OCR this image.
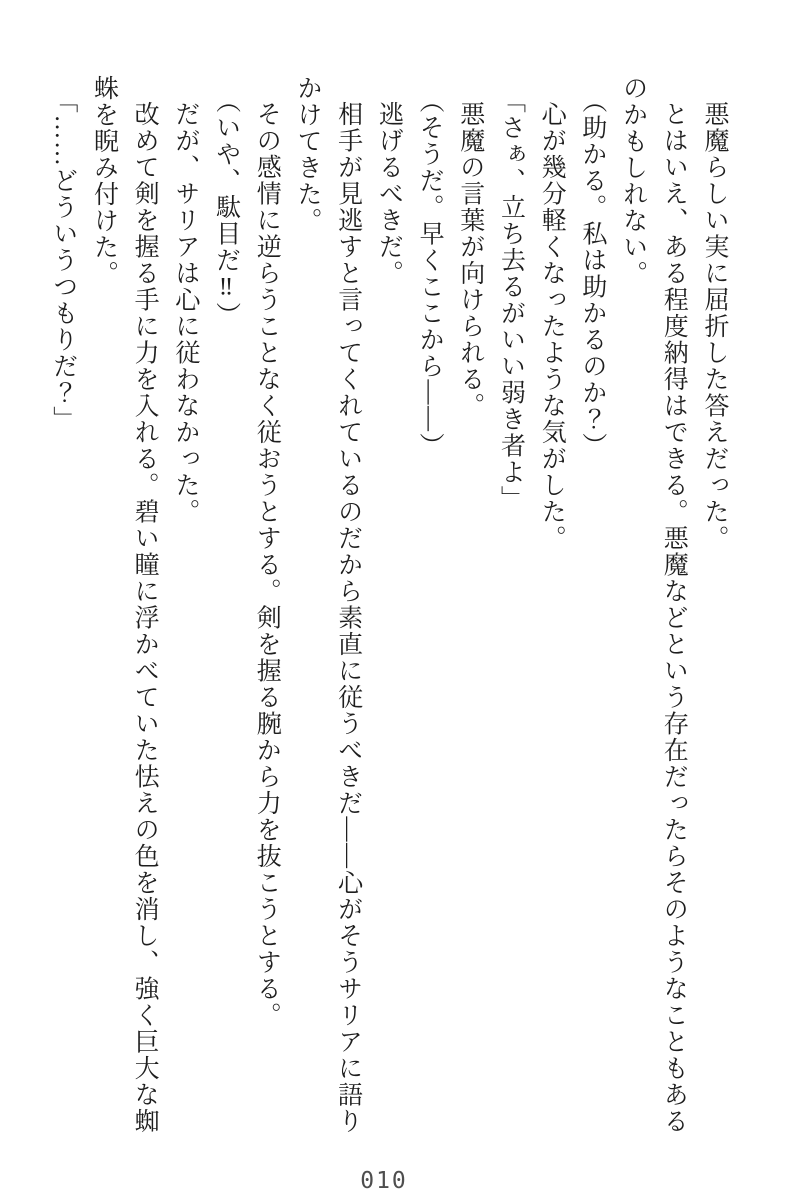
悪魔らしい実に屈折した答えだった。
とはいえ、ある程度納得はできる。悪魔などという存在だったらそのようなこともある
のかもしれない。
（助かる。私は助かるのか？）
心が幾分軽くなったような気がした。
「さぁ、立ち去るがいい弱き者よ」
悪魔の言葉が向けられる。
（そうだ。早くここから――）
逃げるべきだ。
相手が見逃すと言ってくれているのだから素直に従うべきだ――心がそうサリアに語り
かけてきた。
その感情に逆らうことなく従おうとする。剣を握る腕から力を抜こうとする。
（いや、駄目だ‼）
だが、サリアは心に従わなかった。
改めて剣を握る手に力を入れる。碧い瞳に浮かべていた怯えの色を消し、強く巨大な蜘
蛛を睨み付けた。
「……どういうつもりだ？」
010
